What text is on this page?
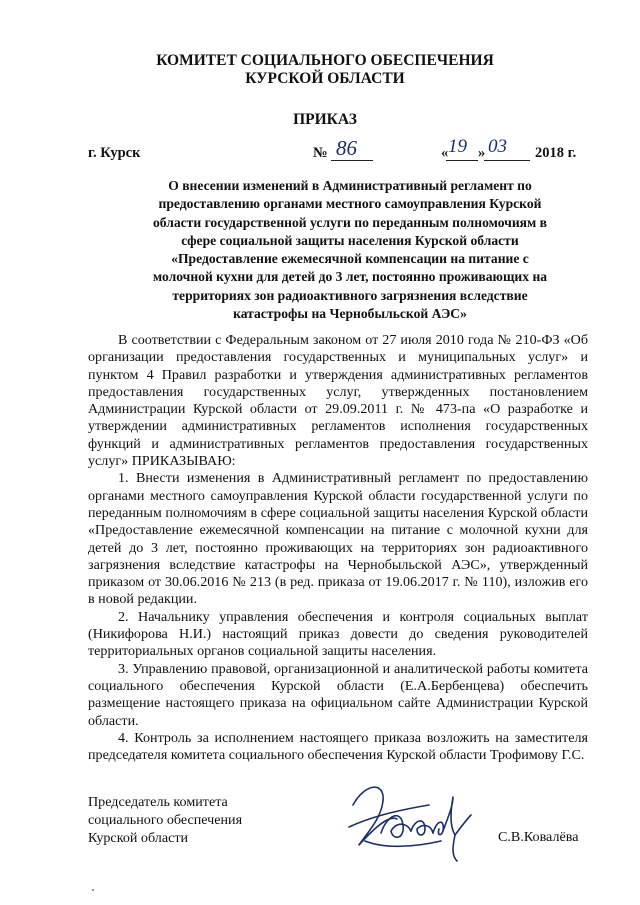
КОМИТЕТ СОЦИАЛЬНОГО ОБЕСПЕЧЕНИЯ
КУРСКОЙ ОБЛАСТИ
ПРИКАЗ
г. Курск	№ 86	« 19 » 03 2018 г.
О внесении изменений в Административный регламент по
предоставлению органами местного самоуправления Курской
области государственной услуги по переданным полномочиям в
сфере социальной защиты населения Курской области
«Предоставление ежемесячной компенсации на питание с
молочной кухни для детей до 3 лет, постоянно проживающих на
территориях зон радиоактивного загрязнения вследствие
катастрофы на Чернобыльской АЭС»

В соответствии с Федеральным законом от 27 июля 2010 года № 210-ФЗ «Об организации предоставления государственных и муниципальных услуг» и пунктом 4 Правил разработки и утверждения административных регламентов предоставления государственных услуг, утвержденных постановлением Администрации Курской области от 29.09.2011 г. № 473-па «О разработке и утверждении административных регламентов исполнения государственных функций и административных регламентов предоставления государственных услуг» ПРИКАЗЫВАЮ:

1. Внести изменения в Административный регламент по предоставлению органами местного самоуправления Курской области государственной услуги по переданным полномочиям в сфере социальной защиты населения Курской области «Предоставление ежемесячной компенсации на питание с молочной кухни для детей до 3 лет, постоянно проживающих на территориях зон радиоактивного загрязнения вследствие катастрофы на Чернобыльской АЭС», утвержденный приказом от 30.06.2016 № 213 (в ред. приказа от 19.06.2017 г. № 110), изложив его в новой редакции.

2. Начальнику управления обеспечения и контроля социальных выплат (Никифорова Н.И.) настоящий приказ довести до сведения руководителей территориальных органов социальной защиты населения.

3. Управлению правовой, организационной и аналитической работы комитета социального обеспечения Курской области (Е.А.Бербенцева) обеспечить размещение настоящего приказа на официальном сайте Администрации Курской области.

4. Контроль за исполнением настоящего приказа возложить на заместителя председателя комитета социального обеспечения Курской области Трофимову Г.С.

Председатель комитета
социального обеспечения
Курской области	С.В.Ковалёва
